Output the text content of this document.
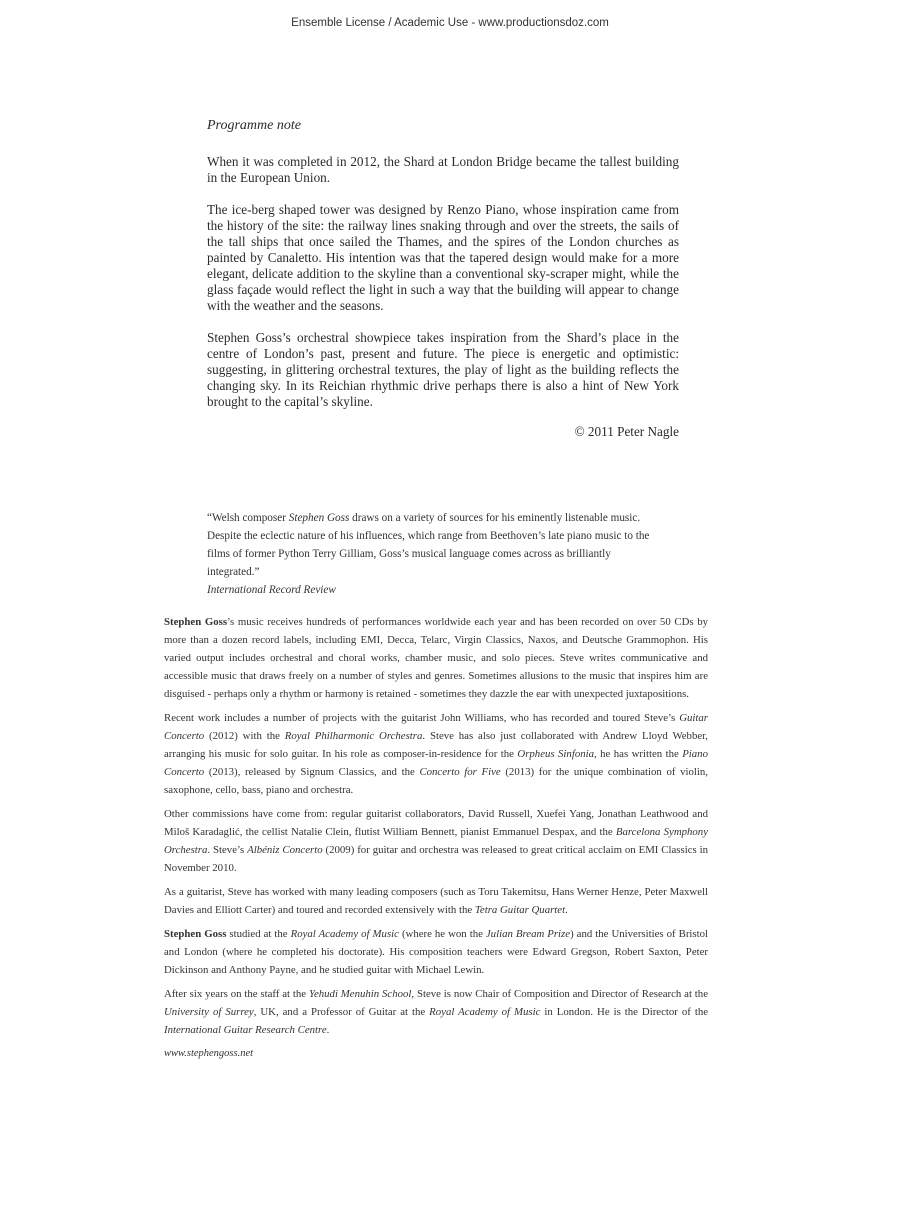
Ensemble License / Academic Use - www.productionsdoz.com
Programme note

When it was completed in 2012, the Shard at London Bridge became the tallest building in the European Union.

The ice-berg shaped tower was designed by Renzo Piano, whose inspiration came from the history of the site: the railway lines snaking through and over the streets, the sails of the tall ships that once sailed the Thames, and the spires of the London churches as painted by Canaletto. His intention was that the tapered design would make for a more elegant, delicate addition to the skyline than a conventional sky-scraper might, while the glass façade would reflect the light in such a way that the building will appear to change with the weather and the seasons.

Stephen Goss’s orchestral showpiece takes inspiration from the Shard’s place in the centre of London’s past, present and future. The piece is energetic and optimistic: suggesting, in glittering orchestral textures, the play of light as the building reflects the changing sky. In its Reichian rhythmic drive perhaps there is also a hint of New York brought to the capital’s skyline.

© 2011 Peter Nagle

“Welsh composer Stephen Goss draws on a variety of sources for his eminently listenable music. Despite the eclectic nature of his influences, which range from Beethoven’s late piano music to the films of former Python Terry Gilliam, Goss’s musical language comes across as brilliantly integrated.”

International Record Review

Stephen Goss’s music receives hundreds of performances worldwide each year and has been recorded on over 50 CDs by more than a dozen record labels, including EMI, Decca, Telarc, Virgin Classics, Naxos, and Deutsche Grammophon. His varied output includes orchestral and choral works, chamber music, and solo pieces. Steve writes communicative and accessible music that draws freely on a number of styles and genres. Sometimes allusions to the music that inspires him are disguised - perhaps only a rhythm or harmony is retained - sometimes they dazzle the ear with unexpected juxtapositions.

Recent work includes a number of projects with the guitarist John Williams, who has recorded and toured Steve’s Guitar Concerto (2012) with the Royal Philharmonic Orchestra. Steve has also just collaborated with Andrew Lloyd Webber, arranging his music for solo guitar. In his role as composer-in-residence for the Orpheus Sinfonia, he has written the Piano Concerto (2013), released by Signum Classics, and the Concerto for Five (2013) for the unique combination of violin, saxophone, cello, bass, piano and orchestra.

Other commissions have come from: regular guitarist collaborators, David Russell, Xuefei Yang, Jonathan Leathwood and Miloš Karadaglić, the cellist Natalie Clein, flutist William Bennett, pianist Emmanuel Despax, and the Barcelona Symphony Orchestra. Steve’s Albéniz Concerto (2009) for guitar and orchestra was released to great critical acclaim on EMI Classics in November 2010.

As a guitarist, Steve has worked with many leading composers (such as Toru Takemitsu, Hans Werner Henze, Peter Maxwell Davies and Elliott Carter) and toured and recorded extensively with the Tetra Guitar Quartet.

Stephen Goss studied at the Royal Academy of Music (where he won the Julian Bream Prize) and the Universities of Bristol and London (where he completed his doctorate). His composition teachers were Edward Gregson, Robert Saxton, Peter Dickinson and Anthony Payne, and he studied guitar with Michael Lewin.

After six years on the staff at the Yehudi Menuhin School, Steve is now Chair of Composition and Director of Research at the University of Surrey, UK, and a Professor of Guitar at the Royal Academy of Music in London. He is the Director of the International Guitar Research Centre.

www.stephengoss.net
